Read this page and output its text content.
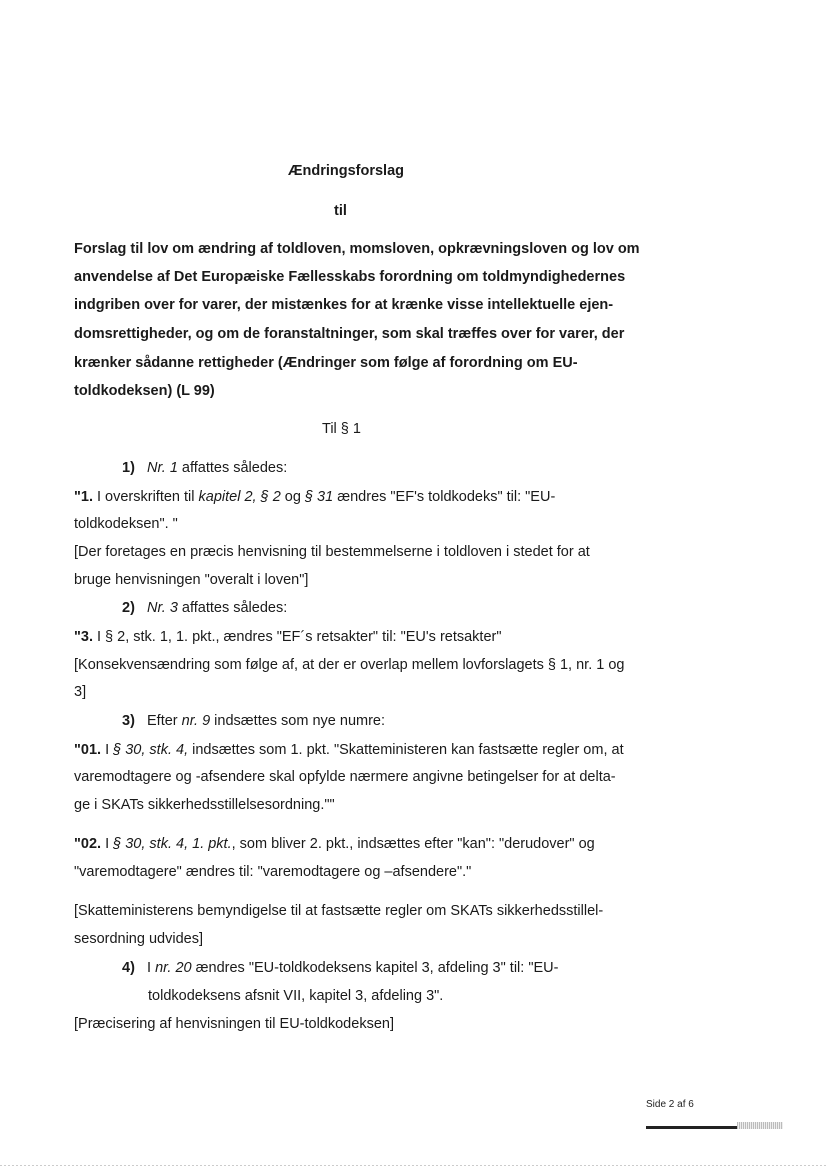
Ændringsforslag
til
Forslag til lov om ændring af toldloven, momsloven, opkrævningsloven og lov om
anvendelse af Det Europæiske Fællesskabs forordning om toldmyndighedernes
indgriben over for varer, der mistænkes for at krænke visse intellektuelle ejen-
domsrettigheder, og om de foranstaltninger, som skal træffes over for varer, der
krænker sådanne rettigheder (Ændringer som følge af forordning om EU-
toldkodeksen) (L 99)
Til § 1
1) Nr. 1 affattes således:
"1. I overskriften til kapitel 2, § 2 og § 31 ændres "EF's toldkodeks" til: "EU-
toldkodeksen". "
[Der foretages en præcis henvisning til bestemmelserne i toldloven i stedet for at
bruge henvisningen "overalt i loven"]
2) Nr. 3 affattes således:
"3. I § 2, stk. 1, 1. pkt., ændres "EF´s retsakter" til: "EU's retsakter"
[Konsekvensændring som følge af, at der er overlap mellem lovforslagets § 1, nr. 1 og
3]
3) Efter nr. 9 indsættes som nye numre:
"01. I § 30, stk. 4, indsættes som 1. pkt. "Skatteministeren kan fastsætte regler om, at
varemodtagere og -afsendere skal opfylde nærmere angivne betingelser for at delta-
ge i SKATs sikkerhedsstillelsesordning.""
"02. I § 30, stk. 4, 1. pkt., som bliver 2. pkt., indsættes efter "kan": "derudover" og
"varemodtagere" ændres til: "varemodtagere og –afsendere"."
[Skatteministerens bemyndigelse til at fastsætte regler om SKATs sikkerhedsstillel-
sesordning udvides]
4) I nr. 20 ændres "EU-toldkodeksens kapitel 3, afdeling 3" til: "EU-
toldkodeksens afsnit VII, kapitel 3, afdeling 3".
[Præcisering af henvisningen til EU-toldkodeksen]
Side 2 af 6
